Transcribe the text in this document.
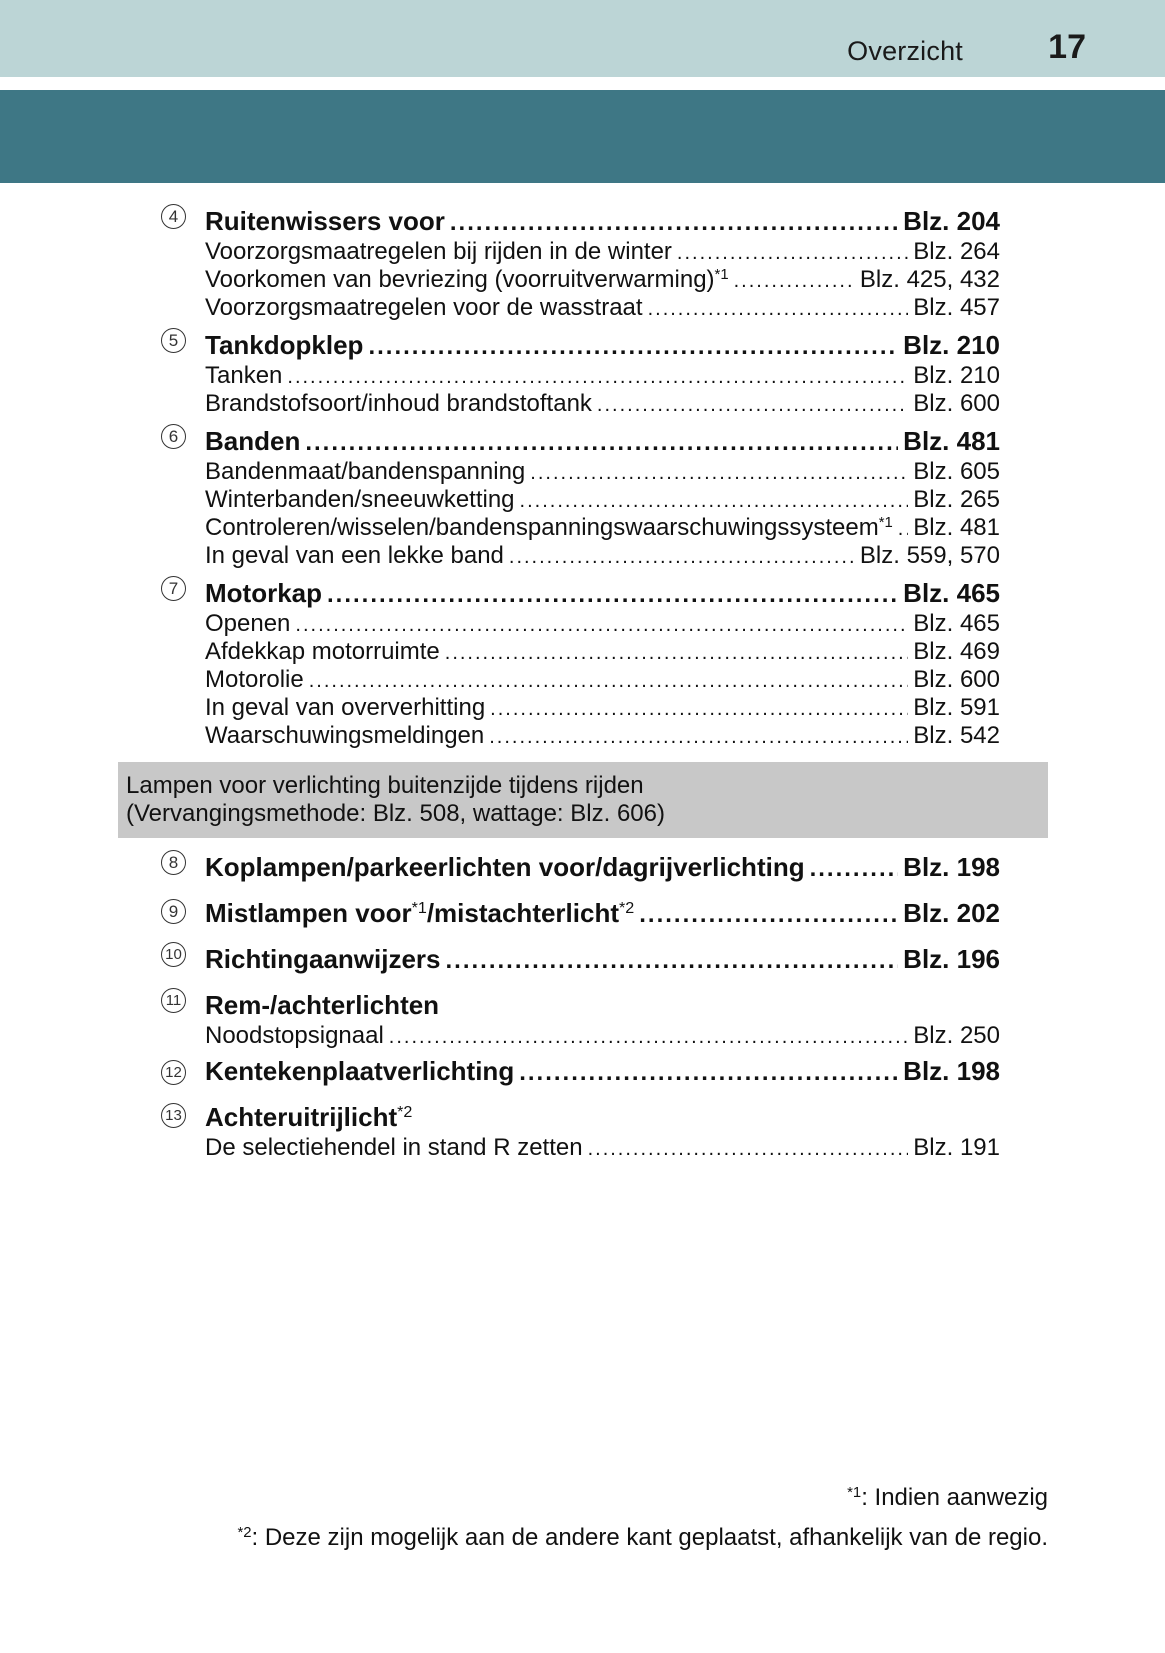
Overzicht	17
4 Ruitenwissers voor .....	Blz. 204
Voorzorgsmaatregelen bij rijden in de winter .....	Blz. 264
Voorkomen van bevriezing (voorruitverwarming)$^{*1}$ .....	Blz. 425, 432
Voorzorgsmaatregelen voor de wasstraat .....	Blz. 457
5 Tankdopklep .....	Blz. 210
Tanken .....	Blz. 210
Brandstofsoort/inhoud brandstoftank .....	Blz. 600
6 Banden .....	Blz. 481
Bandenmaat/bandenspanning .....	Blz. 605
Winterbanden/sneeuwketting .....	Blz. 265
Controleren/wisselen/bandenspanningswaarschuwingssysteem$^{*1}$ ..... Blz. 481
In geval van een lekke band .....	Blz. 559, 570
7 Motorkap .....	Blz. 465
Openen .....	Blz. 465
Afdekkap motorruimte .....	Blz. 469
Motorolie .....	Blz. 600
In geval van oververhitting .....	Blz. 591
Waarschuwingsmeldingen .....	Blz. 542
Lampen voor verlichting buitenzijde tijdens rijden
(Vervangingsmethode: Blz. 508, wattage: Blz. 606)
8 Koplampen/parkeerlichten voor/dagrijverlichting .....	Blz. 198
9 Mistlampen voor$^{*1}$/mistachterlicht$^{*2}$ .....	Blz. 202
10 Richtingaanwijzers .....	Blz. 196
11 Rem-/achterlichten
Noodstopsignaal .....	Blz. 250
12 Kentekenplaatverlichting .....	Blz. 198
13 Achteruitrijlicht$^{*2}$
De selectiehendel in stand R zetten .....	Blz. 191
$^{*1}$: Indien aanwezig
$^{*2}$: Deze zijn mogelijk aan de andere kant geplaatst, afhankelijk van de regio.
